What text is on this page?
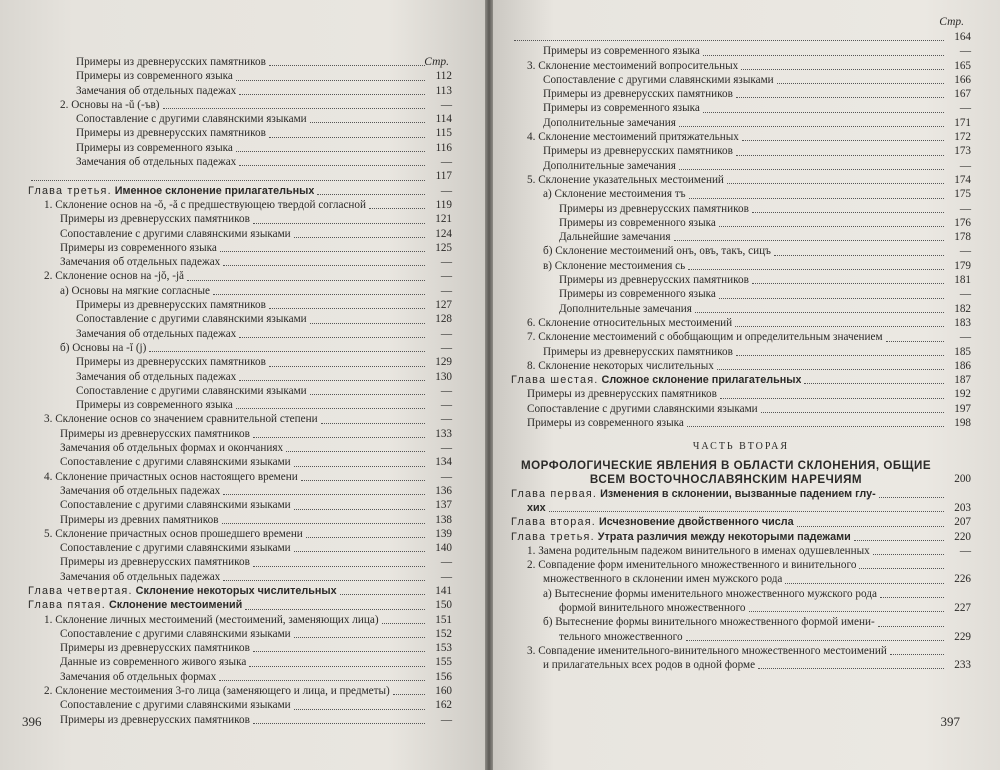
Стр.
Примеры из древнерусских памятников
Примеры из современного языка	112
Замечания об отдельных падежах	113
2. Основы на -ŭ (-ъв)	—
Сопоставление с другими славянскими языками	114
Примеры из древнерусских памятников	115
Примеры из современного языка	116
Замечания об отдельных падежах	—
117
Глава третья. Именное склонение прилагательных	—
1. Склонение основ на -ŏ, -ă с предшествующею твердой согласной	119
Примеры из древнерусских памятников	121
Сопоставление с другими славянскими языками	124
Примеры из современного языка	125
Замечания об отдельных падежах	—
2. Склонение основ на -jŏ, -jă	—
а) Основы на мягкие согласные	—
Примеры из древнерусских памятников	127
Сопоставление с другими славянскими языками	128
Замечания об отдельных падежах	—
б) Основы на -ĭ (j)	—
Примеры из древнерусских памятников	129
Замечания об отдельных падежах	130
Сопоставление с другими славянскими языками	—
Примеры из современного языка	—
3. Склонение основ со значением сравнительной степени	—
Примеры из древнерусских памятников	133
Замечания об отдельных формах и окончаниях	—
Сопоставление с другими славянскими языками	134
4. Склонение причастных основ настоящего времени	—
Замечания об отдельных падежах	136
Сопоставление с другими славянскими языками	137
Примеры из древних памятников	138
5. Склонение причастных основ прошедшего времени	139
Сопоставление с другими славянскими языками	140
Примеры из древнерусских памятников	—
Замечания об отдельных падежах	—
Глава четвертая. Склонение некоторых числительных	141
Глава пятая. Склонение местоимений	150
1. Склонение личных местоимений (местоимений, заменяющих лица)	151
Сопоставление с другими славянскими языками	152
Примеры из древнерусских памятников	153
Данные из современного живого языка	155
Замечания об отдельных формах	156
2. Склонение местоимения 3-го лица (заменяющего и лица, и предметы)	160
Сопоставление с другими славянскими языками	162
Примеры из древнерусских памятников	—
396
Стр.
164
Примеры из современного языка	—
3. Склонение местоимений вопросительных	165
Сопоставление с другими славянскими языками	166
Примеры из древнерусских памятников	167
Примеры из современного языка	—
Дополнительные замечания	171
4. Склонение местоимений притяжательных	172
Примеры из древнерусских памятников	173
Дополнительные замечания	—
5. Склонение указательных местоимений	174
а) Склонение местоимения тъ	175
Примеры из древнерусских памятников	—
Примеры из современного языка	176
Дальнейшие замечания	178
б) Склонение местоимений онъ, овъ, такъ, сицъ	—
в) Склонение местоимения сь	179
Примеры из древнерусских памятников	181
Примеры из современного языка	—
Дополнительные замечания	182
6. Склонение относительных местоимений	183
7. Склонение местоимений с обобщающим и определительным значением	—
Примеры из древнерусских памятников	185
8. Склонение некоторых числительных	186
Глава шестая. Сложное склонение прилагательных	187
Примеры из древнерусских памятников	192
Сопоставление с другими славянскими языками	197
Примеры из современного языка	198
ЧАСТЬ ВТОРАЯ
МОРФОЛОГИЧЕСКИЕ ЯВЛЕНИЯ В ОБЛАСТИ СКЛОНЕНИЯ, ОБЩИЕ
ВСЕМ ВОСТОЧНОСЛАВЯНСКИМ НАРЕЧИЯМ	200
Глава первая. Изменения в склонении, вызванные падением глу-
хих	203
Глава вторая. Исчезновение двойственного числа	207
Глава третья. Утрата различия между некоторыми падежами	220
1. Замена родительным падежом винительного в именах одушевленных	—
2. Совпадение форм именительного множественного и винительного
множественного в склонении имен мужского рода	226
а) Вытеснение формы именительного множественного мужского рода
формой винительного множественного	227
б) Вытеснение формы винительного множественного формой имени-
тельного множественного	229
3. Совпадение именительного-винительного множественного местоимений
и прилагательных всех родов в одной форме	233
397
